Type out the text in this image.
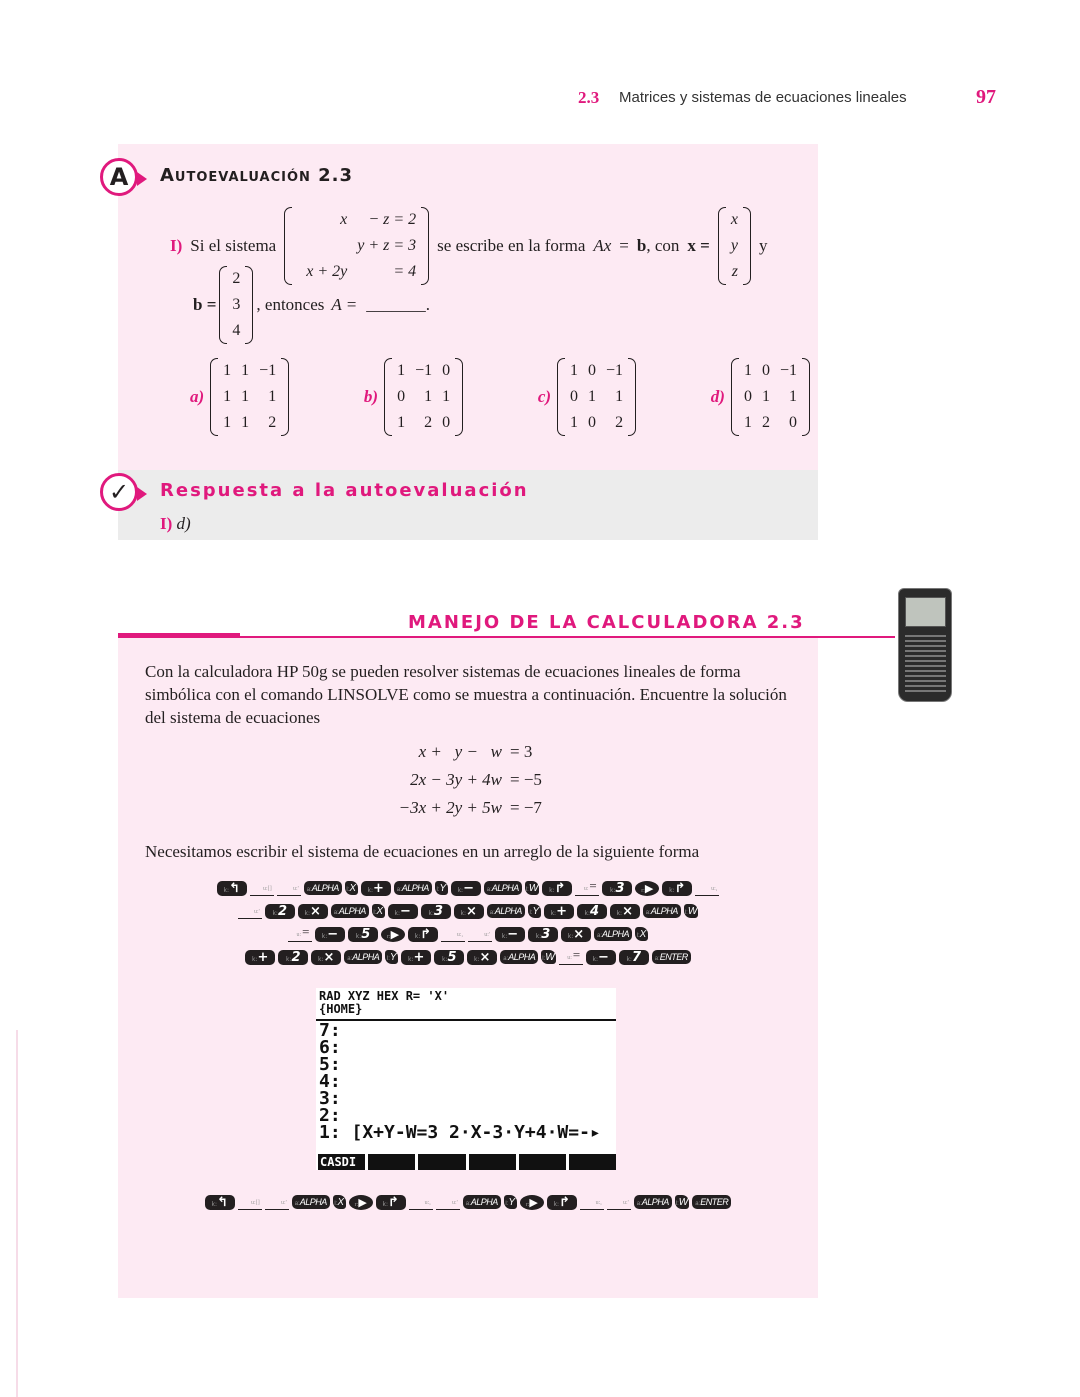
2.3 Matrices y sistemas de ecuaciones lineales	97
A Autoevaluación 2.3
I) Si el sistema
x	− z = 2
	y + z = 3
x + 2y	= 4
se escribe en la forma Ax = b , con x =
x
y
z
y
b =
2
3
4
, entonces A = _______.
a)
1	1	−1
1	1	1
1	1	2
b)
1	−1	0
0	1	1
1	2	0
c)
1	0	−1
0	1	1
1	0	2
d)
1	0	−1
0	1	1
1	2	0
✓	Respuesta a la autoevaluación
I) d)
MANEJO DE LA CALCULADORA 2.3

Con la calculadora HP 50g se pueden resolver sistemas de ecuaciones lineales de forma simbólica con el comando LINSOLVE como se muestra a continuación. Encuentre la solución del sistema de ecuaciones

x +   y −   w = 3
2x − 3y + 4w = −5
−3x + 2y + 5w = −7

Necesitamos escribir el sistema de ecuaciones en un arreglo de la siguiente forma

k:↰	u:[]	u:' a:ALPHA l:X k:+ a:ALPHA l:Y k:− a:ALPHA l:W k:↱	u:= k:3 r:▶ k:↱	u:,
u:' k:2 k:× a:ALPHA l:X k:− k:3 k:× a:ALPHA l:Y k:+ k:4 k:× a:ALPHA l:W
u:= k:− k:5 r:▶ k:↱	u:,	u:' k:− k:3 k:× a:ALPHA l:X
k:+ k:2 k:× a:ALPHA l:Y k:+ k:5 k:× a:ALPHA l:W u:= k:− k:7 a:ENTER
RAD XYZ HEX R= 'X'
{HOME}
7:
6:
5:
4:
3:
2:
1: [X+Y-W=3 2·X-3·Y+4·W=-▸
CASDI
k:↰	u:[]	u:' a:ALPHA l:X r:▶ k:↱	u:,	u:' a:ALPHA l:Y r:▶ k:↱	u:,	u:' a:ALPHA l:W a:ENTER
